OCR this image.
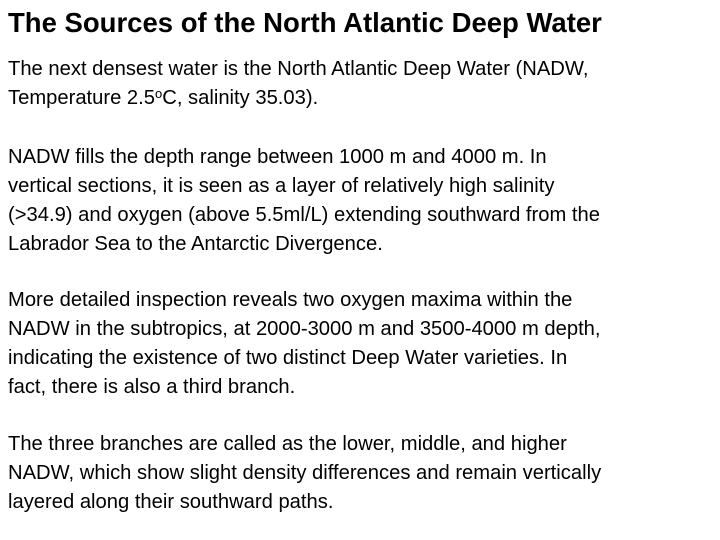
The Sources of the North Atlantic Deep Water

The next densest water is the North Atlantic Deep Water (NADW,
Temperature 2.5$^o$C, salinity 35.03).

NADW fills the depth range between 1000 m and 4000 m. In
vertical sections, it is seen as a layer of relatively high salinity
(>34.9) and oxygen (above 5.5ml/L) extending southward from the
Labrador Sea to the Antarctic Divergence.

More detailed inspection reveals two oxygen maxima within the
NADW in the subtropics, at 2000-3000 m and 3500-4000 m depth,
indicating the existence of two distinct Deep Water varieties. In
fact, there is also a third branch.

The three branches are called as the lower, middle, and higher
NADW, which show slight density differences and remain vertically
layered along their southward paths.
